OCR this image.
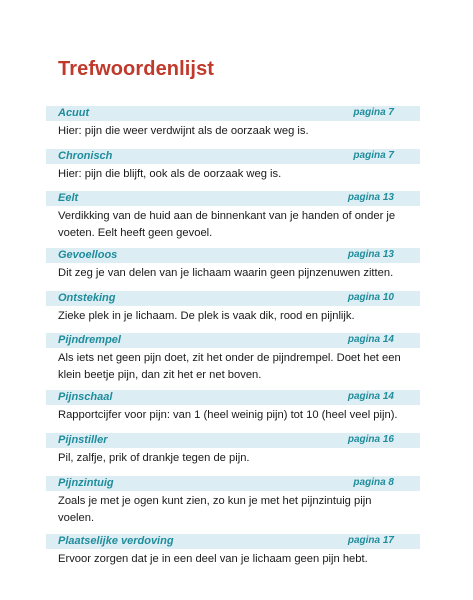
Trefwoordenlijst
Acuut	pagina 7
Hier: pijn die weer verdwijnt als de oorzaak weg is.
Chronisch	pagina 7
Hier: pijn die blijft, ook als de oorzaak weg is.
Eelt	pagina 13
Verdikking van de huid aan de binnenkant van je handen of onder je voeten. Eelt heeft geen gevoel.
Gevoelloos	pagina 13
Dit zeg je van delen van je lichaam waarin geen pijnzenuwen zitten.
Ontsteking	pagina 10
Zieke plek in je lichaam. De plek is vaak dik, rood en pijnlijk.
Pijndrempel	pagina 14
Als iets net geen pijn doet, zit het onder de pijndrempel. Doet het een klein beetje pijn, dan zit het er net boven.
Pijnschaal	pagina 14
Rapportcijfer voor pijn: van 1 (heel weinig pijn) tot 10 (heel veel pijn).
Pijnstiller	pagina 16
Pil, zalfje, prik of drankje tegen de pijn.
Pijnzintuig	pagina 8
Zoals je met je ogen kunt zien, zo kun je met het pijnzintuig pijn voelen.
Plaatselijke verdoving	pagina 17
Ervoor zorgen dat je in een deel van je lichaam geen pijn hebt.
